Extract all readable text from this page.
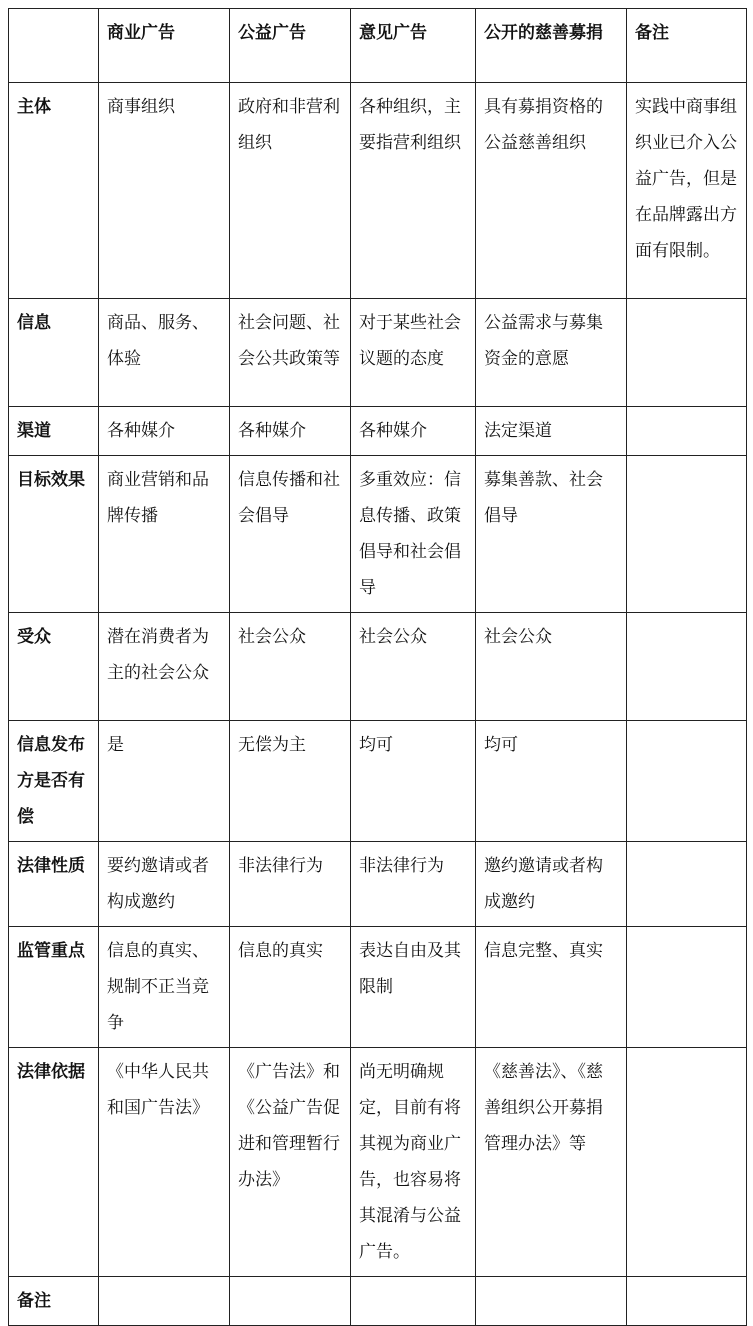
	商业广告	公益广告	意见广告	公开的慈善募捐	备注
主体	商事组织	政府和非营利组织	各种组织，主要指营利组织	具有募捐资格的公益慈善组织	实践中商事组织业已介入公益广告，但是在品牌露出方面有限制。
信息	商品、服务、体验	社会问题、社会公共政策等	对于某些社会议题的态度	公益需求与募集资金的意愿	
渠道	各种媒介	各种媒介	各种媒介	法定渠道	
目标效果	商业营销和品牌传播	信息传播和社会倡导	多重效应：信息传播、政策倡导和社会倡导	募集善款、社会倡导	
受众	潜在消费者为主的社会公众	社会公众	社会公众	社会公众	
信息发布方是否有偿	是	无偿为主	均可	均可	
法律性质	要约邀请或者构成邀约	非法律行为	非法律行为	邀约邀请或者构成邀约	
监管重点	信息的真实、规制不正当竞争	信息的真实	表达自由及其限制	信息完整、真实	
法律依据	《中华人民共和国广告法》	《广告法》和《公益广告促进和管理暂行办法》	尚无明确规定，目前有将其视为商业广告，也容易将其混淆与公益广告。	《慈善法》、《慈善组织公开募捐管理办法》等	
备注					
